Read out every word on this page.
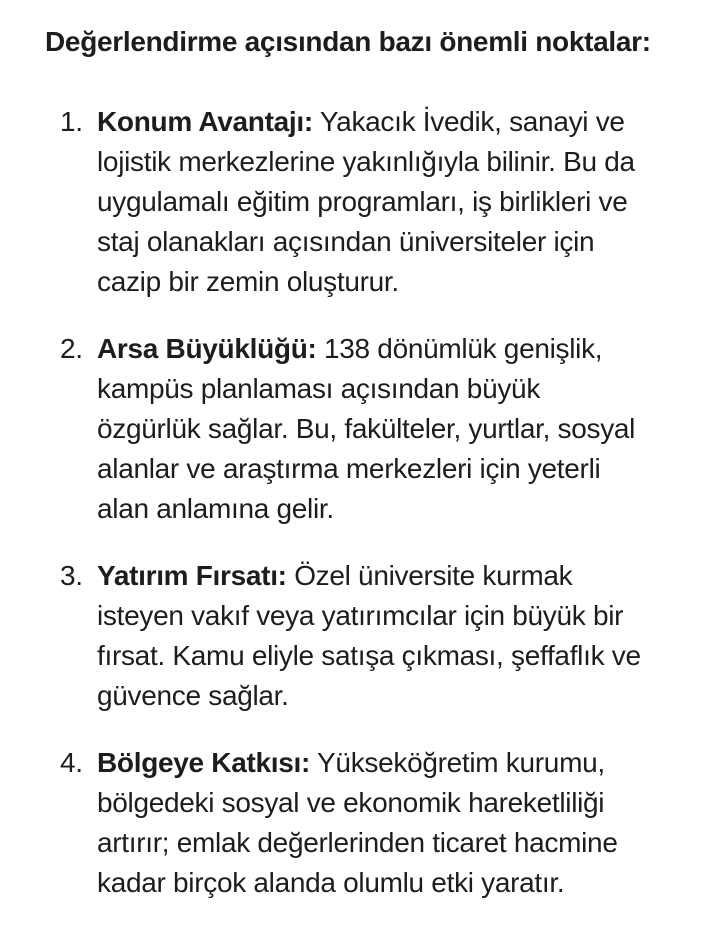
Değerlendirme açısından bazı önemli noktalar:
1. Konum Avantajı: Yakacık İvedik, sanayi ve lojistik merkezlerine yakınlığıyla bilinir. Bu da uygulamalı eğitim programları, iş birlikleri ve staj olanakları açısından üniversiteler için cazip bir zemin oluşturur.
2. Arsa Büyüklüğü: 138 dönümlük genişlik, kampüs planlaması açısından büyük özgürlük sağlar. Bu, fakülteler, yurtlar, sosyal alanlar ve araştırma merkezleri için yeterli alan anlamına gelir.
3. Yatırım Fırsatı: Özel üniversite kurmak isteyen vakıf veya yatırımcılar için büyük bir fırsat. Kamu eliyle satışa çıkması, şeffaflık ve güvence sağlar.
4. Bölgeye Katkısı: Yükseköğretim kurumu, bölgedeki sosyal ve ekonomik hareketliliği artırır; emlak değerlerinden ticaret hacmine kadar birçok alanda olumlu etki yaratır.
